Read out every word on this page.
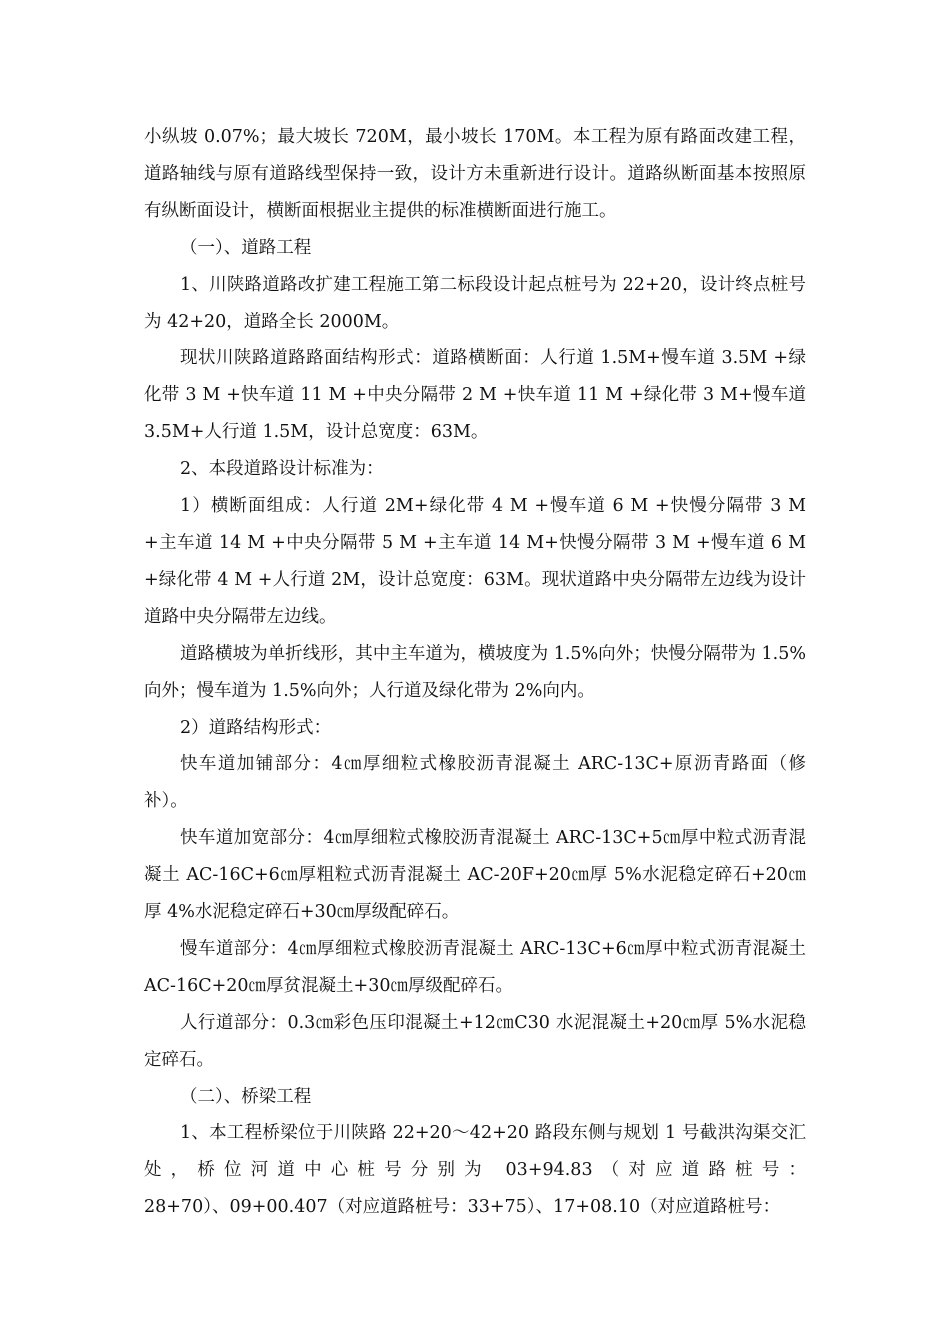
小纵坡 0.07%；最大坡长 720M，最小坡长 170M。本工程为原有路面改建工程，道路轴线与原有道路线型保持一致，设计方未重新进行设计。道路纵断面基本按照原有纵断面设计，横断面根据业主提供的标准横断面进行施工。

（一）、道路工程

1、川陕路道路改扩建工程施工第二标段设计起点桩号为 22+20，设计终点桩号为 42+20，道路全长 2000M。

现状川陕路道路路面结构形式：道路横断面：人行道 1.5M+慢车道 3.5M +绿化带 3 M +快车道 11 M +中央分隔带 2 M +快车道 11 M +绿化带 3 M+慢车道 3.5M+人行道 1.5M，设计总宽度：63M。

2、本段道路设计标准为：

1）横断面组成：人行道 2M+绿化带 4 M +慢车道 6 M +快慢分隔带 3 M +主车道 14 M +中央分隔带 5 M +主车道 14 M+快慢分隔带 3 M +慢车道 6 M+绿化带 4 M +人行道 2M，设计总宽度：63M。现状道路中央分隔带左边线为设计道路中央分隔带左边线。

道路横坡为单折线形，其中主车道为，横坡度为 1.5%向外；快慢分隔带为 1.5%向外；慢车道为 1.5%向外；人行道及绿化带为 2%向内。

2）道路结构形式：

快车道加铺部分：4㎝厚细粒式橡胶沥青混凝土 ARC-13C+原沥青路面（修补）。

快车道加宽部分：4㎝厚细粒式橡胶沥青混凝土 ARC-13C+5㎝厚中粒式沥青混凝土 AC-16C+6㎝厚粗粒式沥青混凝土 AC-20F+20㎝厚 5%水泥稳定碎石+20㎝厚 4%水泥稳定碎石+30㎝厚级配碎石。

慢车道部分：4㎝厚细粒式橡胶沥青混凝土 ARC-13C+6㎝厚中粒式沥青混凝土 AC-16C+20㎝厚贫混凝土+30㎝厚级配碎石。

人行道部分：0.3㎝彩色压印混凝土+12㎝C30 水泥混凝土+20㎝厚 5%水泥稳定碎石。

（二）、桥梁工程

1、本工程桥梁位于川陕路 22+20～42+20 路段东侧与规划 1 号截洪沟渠交汇处，桥位河道中心桩号分别为 03+94.83（对应道路桩号：

28+70）、09+00.407（对应道路桩号：33+75）、17+08.10（对应道路桩号：
